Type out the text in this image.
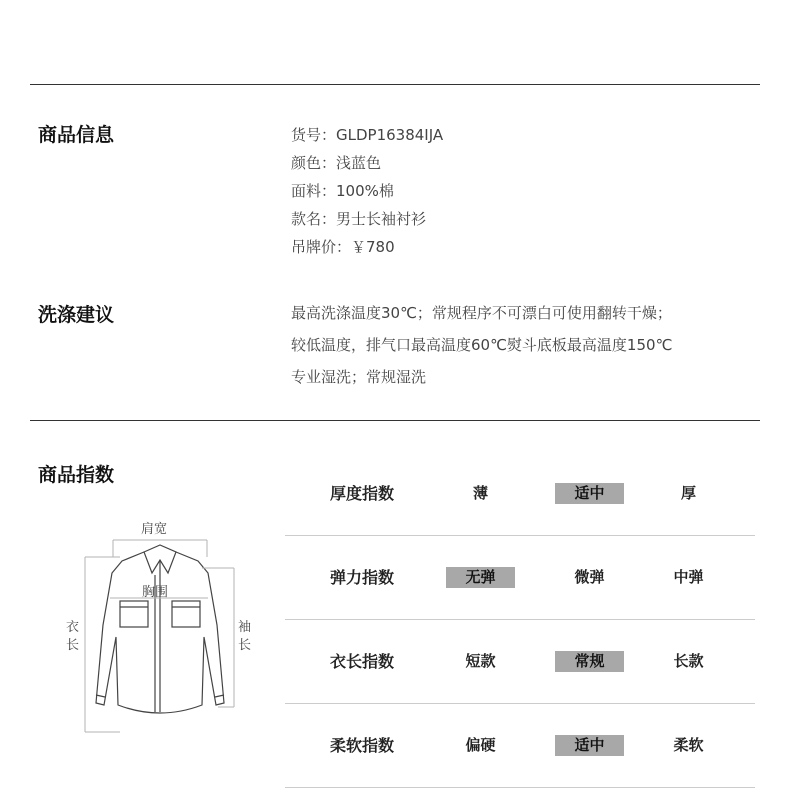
商品信息	货号：GLDP16384IJA
颜色：浅蓝色
面料：100%棉
款名：男士长袖衬衫
吊牌价：￥780
洗涤建议	最高洗涤温度30℃；常规程序不可漂白可使用翻转干燥；
较低温度，排气口最高温度60℃熨斗底板最高温度150℃
专业湿洗；常规湿洗
商品指数
肩宽
胸围
衣长
袖长
厚度指数	薄	适中	厚
弹力指数	无弹	微弹	中弹
衣长指数	短款	常规	长款
柔软指数	偏硬	适中	柔软
